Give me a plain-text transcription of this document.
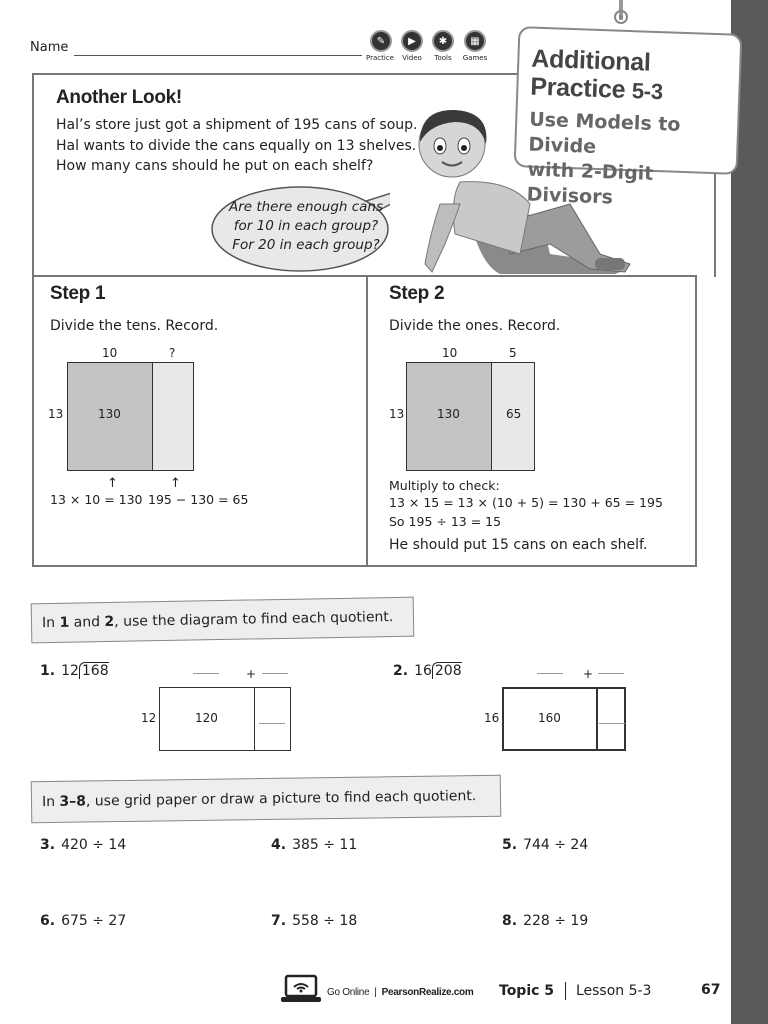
Name	✎
Practice
▶
Video
✱
Tools
▦
Games
Another Look!
Hal’s store just got a shipment of 195 cans of soup.
Hal wants to divide the cans equally on 13 shelves.
How many cans should he put on each shelf?
Are there enough cans
for 10 in each group?
For 20 in each group?
Additional
Practice 5-3
Use Models to Divide
with 2-Digit Divisors
Step 1
Divide the tens. Record.
10	?
13	130
↑	↑
13 × 10 = 130 195 − 130 = 65
Step 2
Divide the ones. Record.
10	5
13	130	65
Multiply to check:
13 × 15 = 13 × (10 + 5) = 130 + 65 = 195
So 195 ÷ 13 = 15
He should put 15 cans on each shelf.
In
1
and
2 , use the diagram to find each quotient.
1. 12 168	+
12	120
2. 16 208	+
16	160
In
3–8 , use grid paper or draw a picture to find each quotient.
3. 420 ÷ 14	4. 385 ÷ 11	5. 744 ÷ 24
6. 675 ÷ 27	7. 558 ÷ 18	8. 228 ÷ 19
Go Online | PearsonRealize.com Topic 5 Lesson 5-3	67
